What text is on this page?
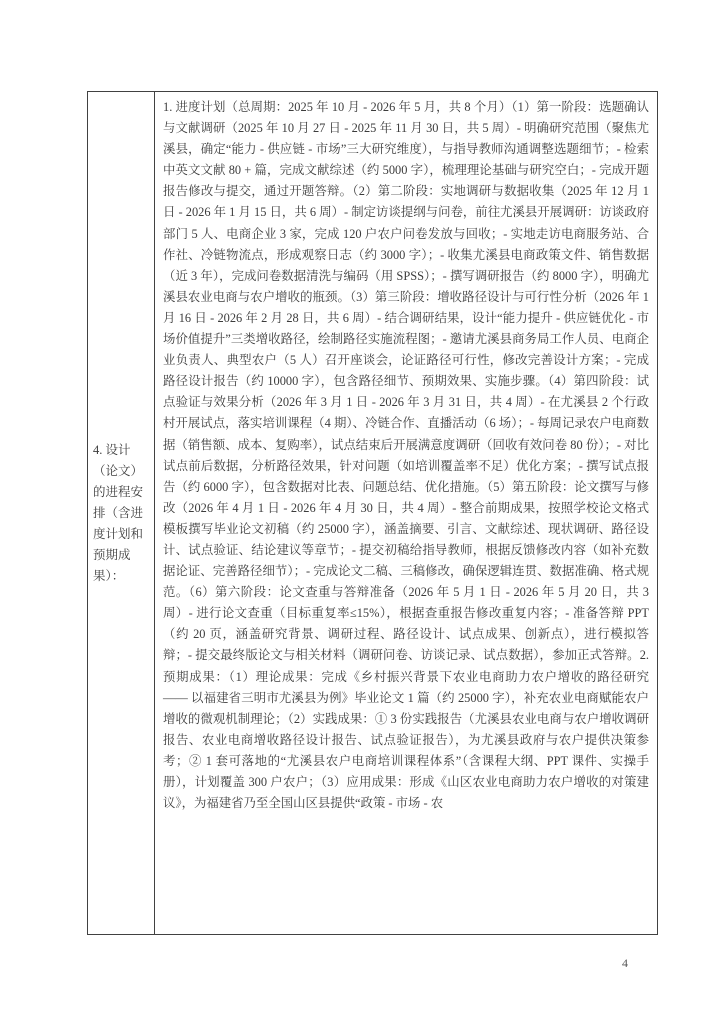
4. 设计（论文）的进程安排（含进度计划和预期成果）：
1. 进度计划（总周期：2025 年 10 月 - 2026 年 5 月，共 8 个月）（1）第一阶段：选题确认与文献调研（2025 年 10 月 27 日 - 2025 年 11 月 30 日，共 5 周）- 明确研究范围（聚焦尤溪县，确定“能力 - 供应链 - 市场”三大研究维度），与指导教师沟通调整选题细节；- 检索中英文文献 80 + 篇，完成文献综述（约 5000 字），梳理理论基础与研究空白；- 完成开题报告修改与提交，通过开题答辩。（2）第二阶段：实地调研与数据收集（2025 年 12 月 1 日 - 2026 年 1 月 15 日，共 6 周）- 制定访谈提纲与问卷，前往尤溪县开展调研：访谈政府部门 5 人、电商企业 3 家，完成 120 户农户问卷发放与回收；- 实地走访电商服务站、合作社、冷链物流点，形成观察日志（约 3000 字）；- 收集尤溪县电商政策文件、销售数据（近 3 年），完成问卷数据清洗与编码（用 SPSS）；- 撰写调研报告（约 8000 字），明确尤溪县农业电商与农户增收的瓶颈。（3）第三阶段：增收路径设计与可行性分析（2026 年 1 月 16 日 - 2026 年 2 月 28 日，共 6 周）- 结合调研结果，设计“能力提升 - 供应链优化 - 市场价值提升”三类增收路径，绘制路径实施流程图；- 邀请尤溪县商务局工作人员、电商企业负责人、典型农户（5 人）召开座谈会，论证路径可行性，修改完善设计方案；- 完成路径设计报告（约 10000 字），包含路径细节、预期效果、实施步骤。（4）第四阶段：试点验证与效果分析（2026 年 3 月 1 日 - 2026 年 3 月 31 日，共 4 周）- 在尤溪县 2 个行政村开展试点，落实培训课程（4 期）、冷链合作、直播活动（6 场）；- 每周记录农户电商数据（销售额、成本、复购率），试点结束后开展满意度调研（回收有效问卷 80 份）；- 对比试点前后数据，分析路径效果，针对问题（如培训覆盖率不足）优化方案；- 撰写试点报告（约 6000 字），包含数据对比表、问题总结、优化措施。（5）第五阶段：论文撰写与修改（2026 年 4 月 1 日 - 2026 年 4 月 30 日，共 4 周）- 整合前期成果，按照学校论文格式模板撰写毕业论文初稿（约 25000 字），涵盖摘要、引言、文献综述、现状调研、路径设计、试点验证、结论建议等章节；- 提交初稿给指导教师，根据反馈修改内容（如补充数据论证、完善路径细节）；- 完成论文二稿、三稿修改，确保逻辑连贯、数据准确、格式规范。（6）第六阶段：论文查重与答辩准备（2026 年 5 月 1 日 - 2026 年 5 月 20 日，共 3 周）- 进行论文查重（目标重复率≤15%），根据查重报告修改重复内容；- 准备答辩 PPT（约 20 页，涵盖研究背景、调研过程、路径设计、试点成果、创新点），进行模拟答辩；- 提交最终版论文与相关材料（调研问卷、访谈记录、试点数据），参加正式答辩。2. 预期成果：（1）理论成果：完成《乡村振兴背景下农业电商助力农户增收的路径研究 —— 以福建省三明市尤溪县为例》毕业论文 1 篇（约 25000 字），补充农业电商赋能农户增收的微观机制理论；（2）实践成果：① 3 份实践报告（尤溪县农业电商与农户增收调研报告、农业电商增收路径设计报告、试点验证报告），为尤溪县政府与农户提供决策参考；② 1 套可落地的“尤溪县农户电商培训课程体系”（含课程大纲、PPT 课件、实操手册），计划覆盖 300 户农户；（3）应用成果：形成《山区农业电商助力农户增收的对策建议》，为福建省乃至全国山区县提供“政策 - 市场 - 农
4
